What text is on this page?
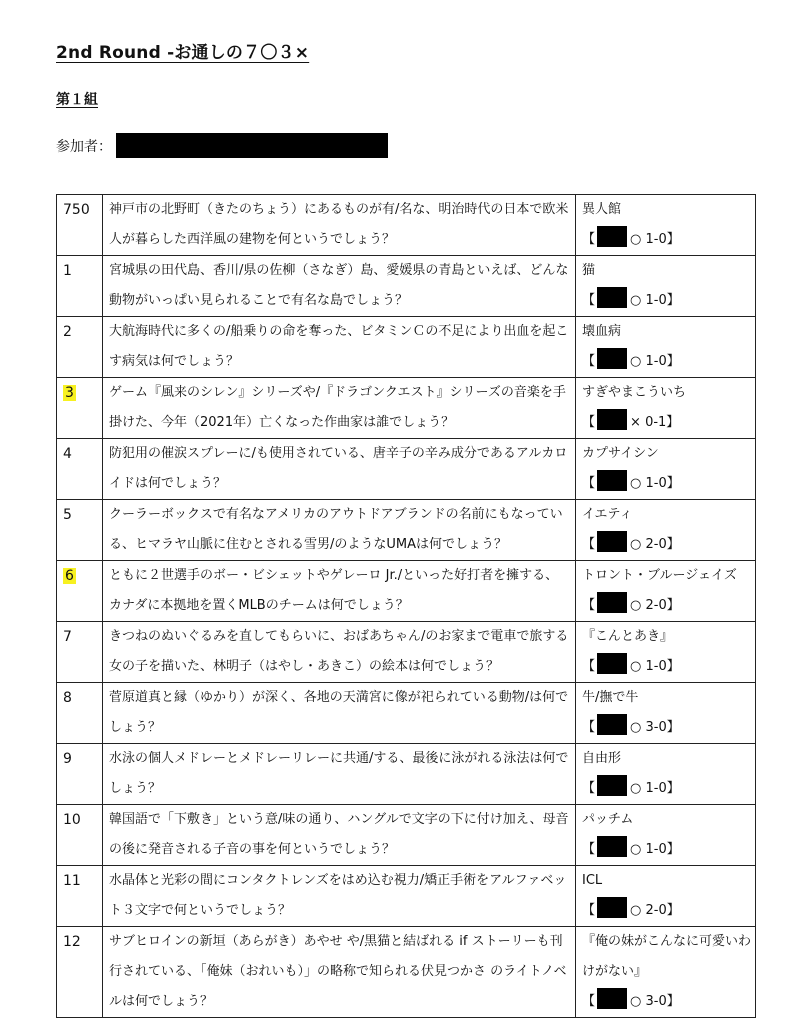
2nd Round -お通しの７〇３×
第１組
参加者：
750	神戸市の北野町（きたのちょう）にあるものが有/名な、明治時代の日本で欧米人が暮らした西洋風の建物を何というでしょう？	異人館
【 ○ 1-0】

1	宮城県の田代島、香川/県の佐柳（さなぎ）島、愛媛県の青島といえば、どんな動物がいっぱい見られることで有名な島でしょう？	猫
【 ○ 1-0】

2	大航海時代に多くの/船乗りの命を奪った、ビタミンＣの不足により出血を起こす病気は何でしょう？	壊血病
【 ○ 1-0】

3	ゲーム『風来のシレン』シリーズや/『ドラゴンクエスト』シリーズの音楽を手掛けた、今年（2021年）亡くなった作曲家は誰でしょう？	すぎやまこういち
【 × 0-1】

4	防犯用の催涙スプレーに/も使用されている、唐辛子の辛み成分であるアルカロイドは何でしょう？	カプサイシン
【 ○ 1-0】

5	クーラーボックスで有名なアメリカのアウトドアブランドの名前にもなっている、ヒマラヤ山脈に住むとされる雪男/のようなUMAは何でしょう？	イエティ
【 ○ 2-0】

6	ともに２世選手のボー・ビシェットやゲレーロ Jr./といった好打者を擁する、カナダに本拠地を置くMLBのチームは何でしょう？	トロント・ブルージェイズ
【 ○ 2-0】

7	きつねのぬいぐるみを直してもらいに、おばあちゃん/のお家まで電車で旅する女の子を描いた、林明子（はやし・あきこ）の絵本は何でしょう？	『こんとあき』
【 ○ 1-0】

8	菅原道真と縁（ゆかり）が深く、各地の天満宮に像が祀られている動物/は何でしょう？	牛/撫で牛
【 ○ 3-0】

9	水泳の個人メドレーとメドレーリレーに共通/する、最後に泳がれる泳法は何でしょう？	自由形
【 ○ 1-0】

10	韓国語で「下敷き」という意/味の通り、ハングルで文字の下に付け加え、母音の後に発音される子音の事を何というでしょう？	パッチム
【 ○ 1-0】

11	水晶体と光彩の間にコンタクトレンズをはめ込む視力/矯正手術をアルファベット３文字で何というでしょう？	ICL
【 ○ 2-0】

12	サブヒロインの新垣（あらがき）あやせ や/黒猫と結ばれる if ストーリーも刊行されている、「俺妹（おれいも）」の略称で知られる伏見つかさ のライトノベルは何でしょう？	『俺の妹がこんなに可愛いわけがない』
【 ○ 3-0】
